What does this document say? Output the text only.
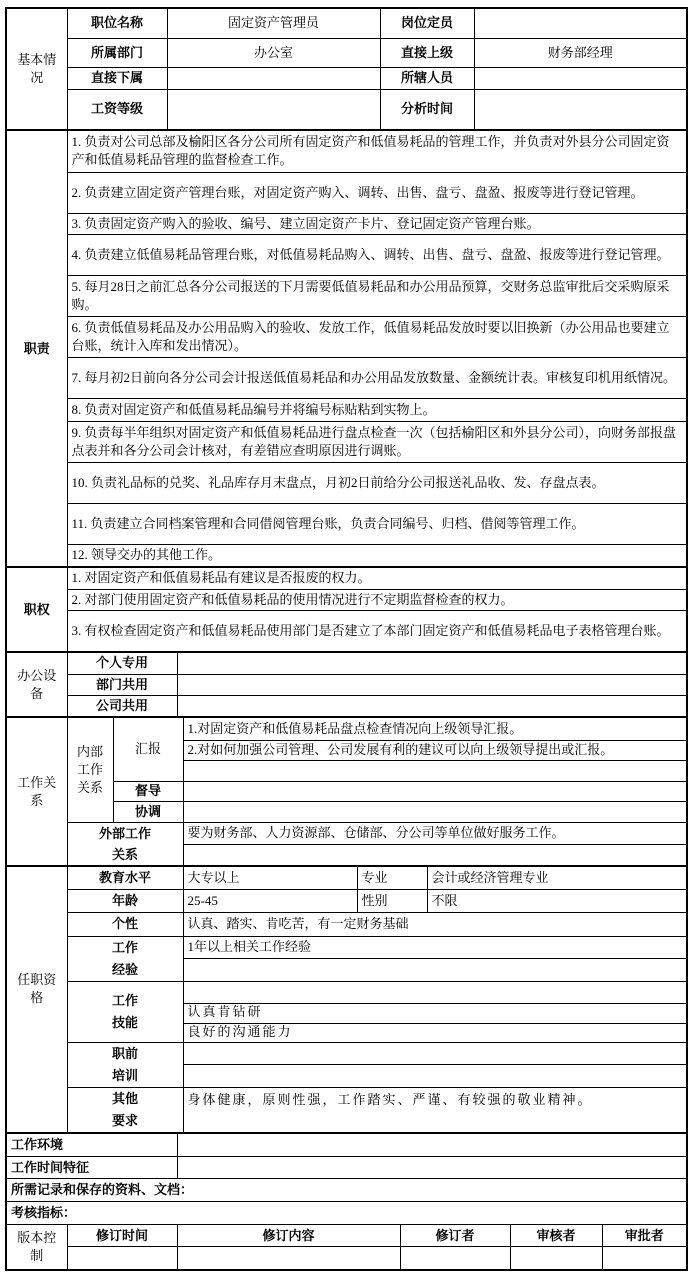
基本情况	职位名称	固定资产管理员	岗位定员	
	所属部门	办公室	直接上级	财务部经理
	直接下属		所辖人员	
	工资等级		分析时间	
职责	1. 负责对公司总部及榆阳区各分公司所有固定资产和低值易耗品的管理工作，并负责对外县分公司固定资产和低值易耗品管理的监督检查工作。
2. 负责建立固定资产管理台账，对固定资产购入、调转、出售、盘亏、盘盈、报废等进行登记管理。
3. 负责固定资产购入的验收、编号、建立固定资产卡片、登记固定资产管理台账。
4. 负责建立低值易耗品管理台账，对低值易耗品购入、调转、出售、盘亏、盘盈、报废等进行登记管理。
5. 每月28日之前汇总各分公司报送的下月需要低值易耗品和办公用品预算，交财务总监审批后交采购原采购。
6. 负责低值易耗品及办公用品购入的验收、发放工作，低值易耗品发放时要以旧换新（办公用品也要建立台账，统计入库和发出情况）。
7. 每月初2日前向各分公司会计报送低值易耗品和办公用品发放数量、金额统计表。审核复印机用纸情况。
8. 负责对固定资产和低值易耗品编号并将编号标贴粘到实物上。
9. 负责每半年组织对固定资产和低值易耗品进行盘点检查一次（包括榆阳区和外县分公司），向财务部报盘点表并和各分公司会计核对，有差错应查明原因进行调账。
10. 负责礼品标的兑奖、礼品库存月末盘点，月初2日前给分公司报送礼品收、发、存盘点表。
11. 负责建立合同档案管理和合同借阅管理台账，负责合同编号、归档、借阅等管理工作。
12. 领导交办的其他工作。
职权	1. 对固定资产和低值易耗品有建议是否报废的权力。
2. 对部门使用固定资产和低值易耗品的使用情况进行不定期监督检查的权力。
3. 有权检查固定资产和低值易耗品使用部门是否建立了本部门固定资产和低值易耗品电子表格管理台账。
办公设备	个人专用	
	部门共用	
	公司共用	
工作关系	内部工作关系	汇报	1.对固定资产和低值易耗品盘点检查情况向上级领导汇报。
			2.对如何加强公司管理、公司发展有利的建议可以向上级领导提出或汇报。

		督导	
		协调	
	外部工作关系		要为财务部、人力资源部、仓储部、分公司等单位做好服务工作。

任职资格	教育水平	大专以上	专业	会计或经济管理专业
	年龄	25-45	性别	不限
	个性	认真、踏实、肯吃苦，有一定财务基础		
	工作经验	1年以上相关工作经验		

	工作技能			
		认真肯钻研		
		良好的沟通能力		
	职前培训			

	其他要求	身体健康，原则性强，工作踏实、严谨、有较强的敬业精神。		
工作环境					
工作时间特征					
所需记录和保存的资料、文档：					
考核指标：					
版本控制	修订时间	修订内容	修订者	审核者	审批者
